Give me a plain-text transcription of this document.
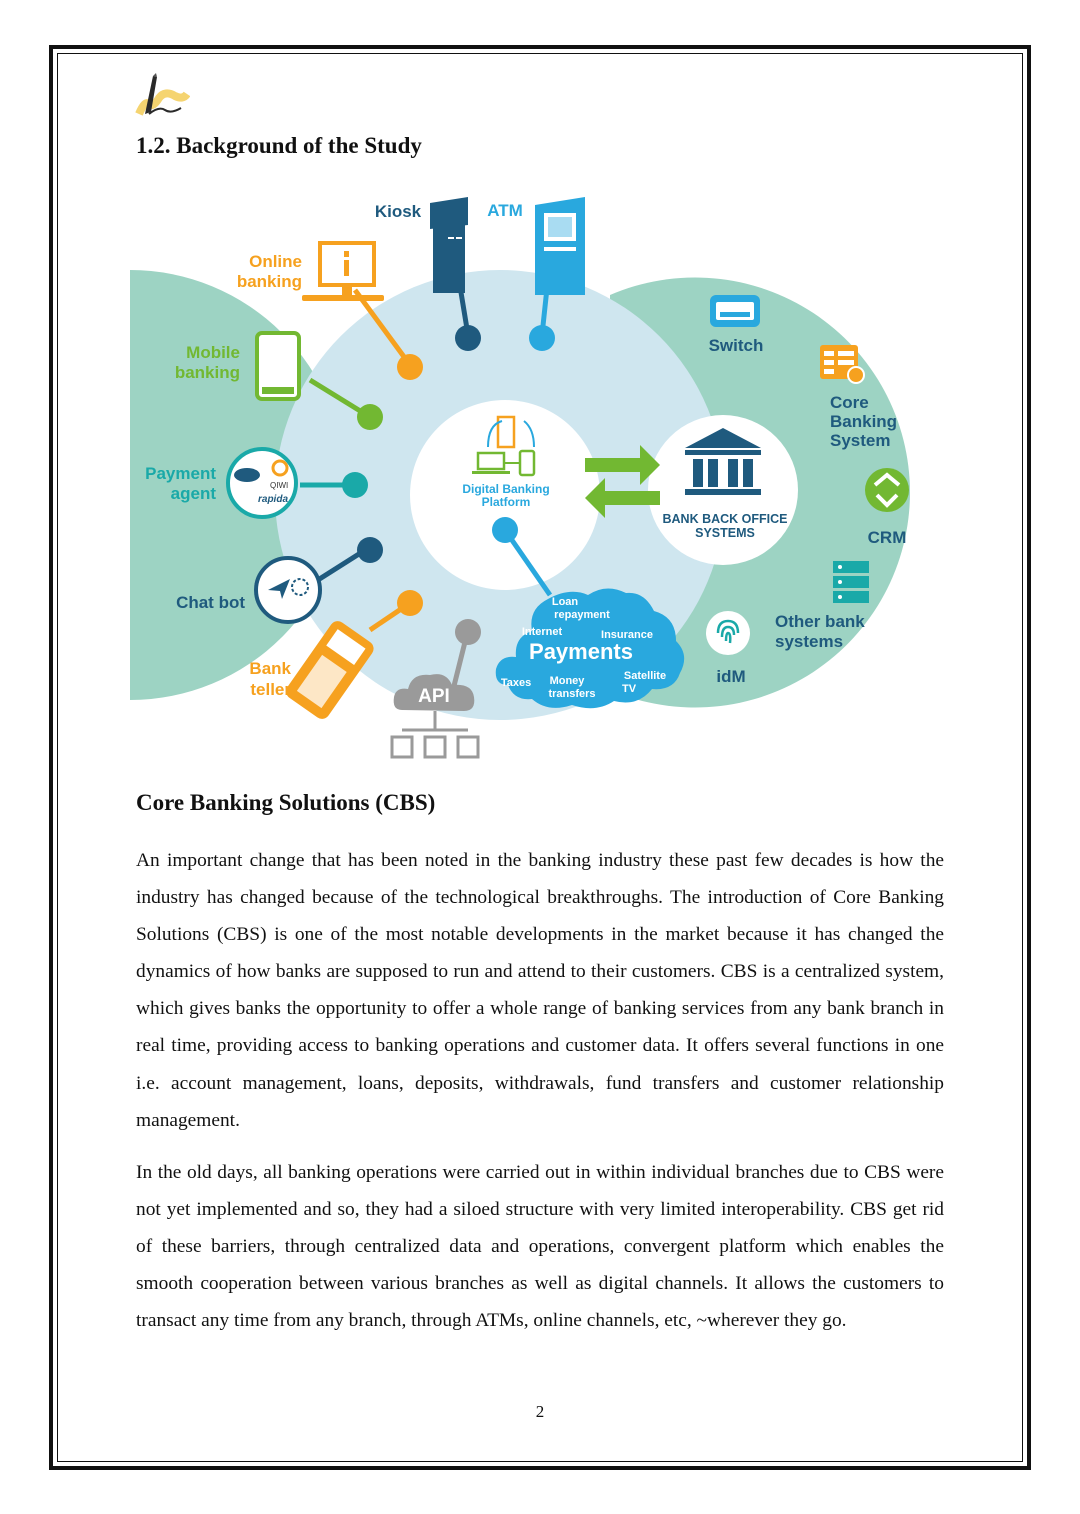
1.2. Background of the Study
Switch
Core
Banking
System
CRM
Other bank
systems
idM
BANK BACK OFFICE
SYSTEMS
Digital Banking
Platform
Kiosk	ATM
Online
banking
Mobile
banking
QIWI
rapida
Payment
agent
Chat bot
Bank
teller	API
Loan
repayment
Internet	Insurance
Payments
Taxes Money
transfers
Satellite
TV
Core Banking Solutions (CBS)

An important change that has been noted in the banking industry these past few decades is how the industry has changed because of the technological breakthroughs. The introduction of Core Banking Solutions (CBS) is one of the most notable developments in the market because it has changed the dynamics of how banks are supposed to run and attend to their customers. CBS is a centralized system, which gives banks the opportunity to offer a whole range of banking services from any bank branch in real time, providing access to banking operations and customer data. It offers several functions in one i.e. account management, loans, deposits, withdrawals, fund transfers and customer relationship management.

In the old days, all banking operations were carried out in within individual branches due to CBS were not yet implemented and so, they had a siloed structure with very limited interoperability. CBS get rid of these barriers, through centralized data and operations, convergent platform which enables the smooth cooperation between various branches as well as digital channels. It allows the customers to transact any time from any branch, through ATMs, online channels, etc, ~wherever they go.

2
